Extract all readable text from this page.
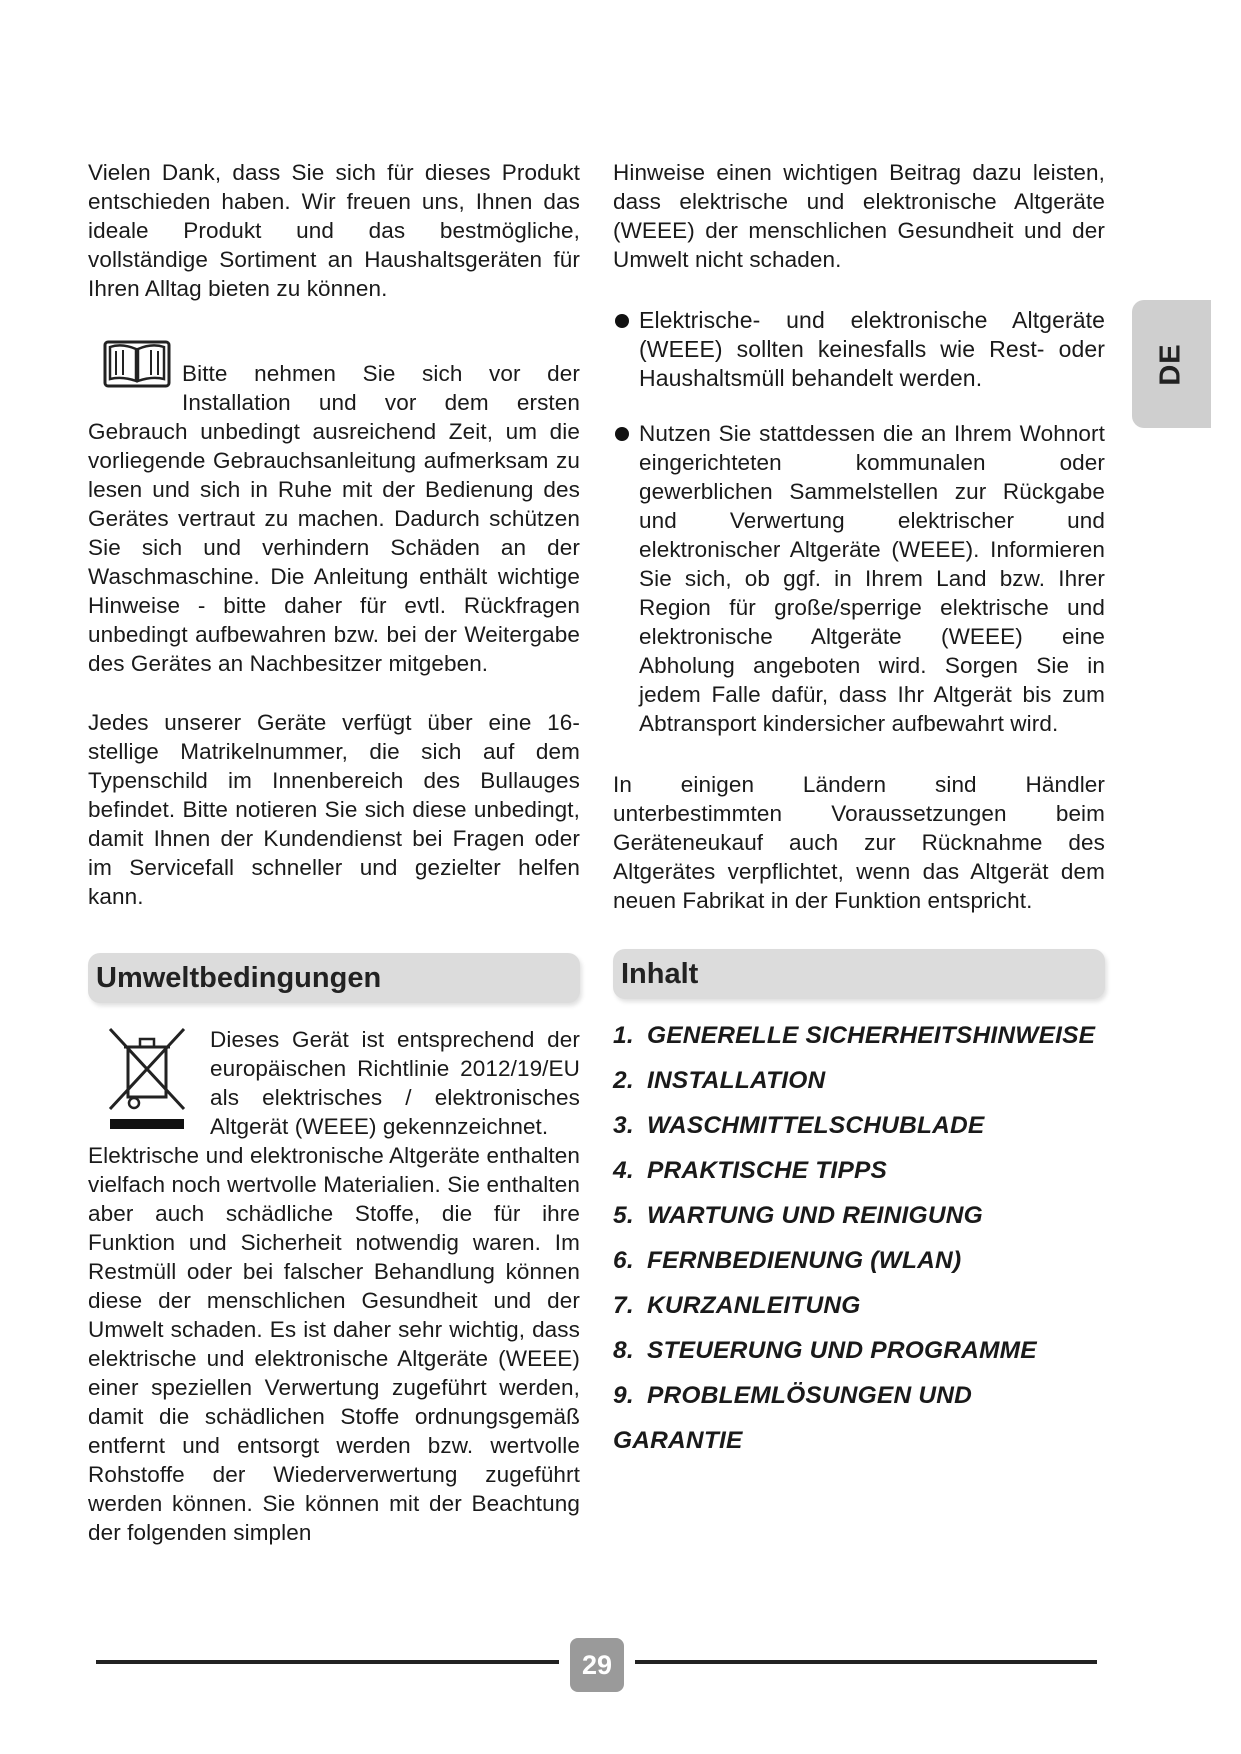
Vielen Dank, dass Sie sich für dieses Produkt entschieden haben. Wir freuen uns, Ihnen das ideale Produkt und das bestmögliche, vollständige Sortiment an Haushaltsgeräten für Ihren Alltag bieten zu können.

Bitte nehmen Sie sich vor der Installation und vor dem ersten Gebrauch unbedingt ausreichend Zeit, um die vorliegende Gebrauchsanleitung aufmerksam zu lesen und sich in Ruhe mit der Bedienung des Gerätes vertraut zu machen. Dadurch schützen Sie sich und verhindern Schäden an der Waschmaschine. Die Anleitung enthält wichtige Hinweise - bitte daher für evtl. Rückfragen unbedingt aufbewahren bzw. bei der Weitergabe des Gerätes an Nachbesitzer mitgeben.

Jedes unserer Geräte verfügt über eine 16-stellige Matrikelnummer, die sich auf dem Typenschild im Innenbereich des Bullauges befindet. Bitte notieren Sie sich diese unbedingt, damit Ihnen der Kundendienst bei Fragen oder im Servicefall schneller und gezielter helfen kann.

Umweltbedingungen

Dieses Gerät ist entsprechend der europäischen Richtlinie 2012/19/EU als elektrisches / elektronisches Altgerät (WEEE) gekennzeichnet.

Elektrische und elektronische Altgeräte enthalten vielfach noch wertvolle Materialien. Sie enthalten aber auch schädliche Stoffe, die für ihre Funktion und Sicherheit notwendig waren. Im Restmüll oder bei falscher Behandlung können diese der menschlichen Gesundheit und der Umwelt schaden. Es ist daher sehr wichtig, dass elektrische und elektronische Altgeräte (WEEE) einer speziellen Verwertung zugeführt werden, damit die schädlichen Stoffe ordnungsgemäß entfernt und entsorgt werden bzw. wertvolle Rohstoffe der Wiederverwertung zugeführt werden können. Sie können mit der Beachtung der folgenden simplen

Hinweise einen wichtigen Beitrag dazu leisten, dass elektrische und elektronische Altgeräte (WEEE) der menschlichen Gesundheit und der Umwelt nicht schaden.

Elektrische- und elektronische Altgeräte (WEEE) sollten keinesfalls wie Rest- oder Haushaltsmüll behandelt werden.

Nutzen Sie stattdessen die an Ihrem Wohnort eingerichteten kommunalen oder gewerblichen Sammelstellen zur Rückgabe und Verwertung elektrischer und elektronischer Altgeräte (WEEE). Informieren Sie sich, ob ggf. in Ihrem Land bzw. Ihrer Region für große/sperrige elektrische und elektronische Altgeräte (WEEE) eine Abholung angeboten wird. Sorgen Sie in jedem Falle dafür, dass Ihr Altgerät bis zum Abtransport kindersicher aufbewahrt wird.

In einigen Ländern sind Händler unterbestimmten Voraussetzungen beim Geräteneukauf auch zur Rücknahme des Altgerätes verpflichtet, wenn das Altgerät dem neuen Fabrikat in der Funktion entspricht.

Inhalt
1. GENERELLE SICHERHEITSHINWEISE
2. INSTALLATION
3. WASCHMITTELSCHUBLADE
4. PRAKTISCHE TIPPS
5. WARTUNG UND REINIGUNG
6. FERNBEDIENUNG (WLAN)
7. KURZANLEITUNG
8. STEUERUNG UND PROGRAMME
9. PROBLEMLÖSUNGEN UND GARANTIE
DE
29
